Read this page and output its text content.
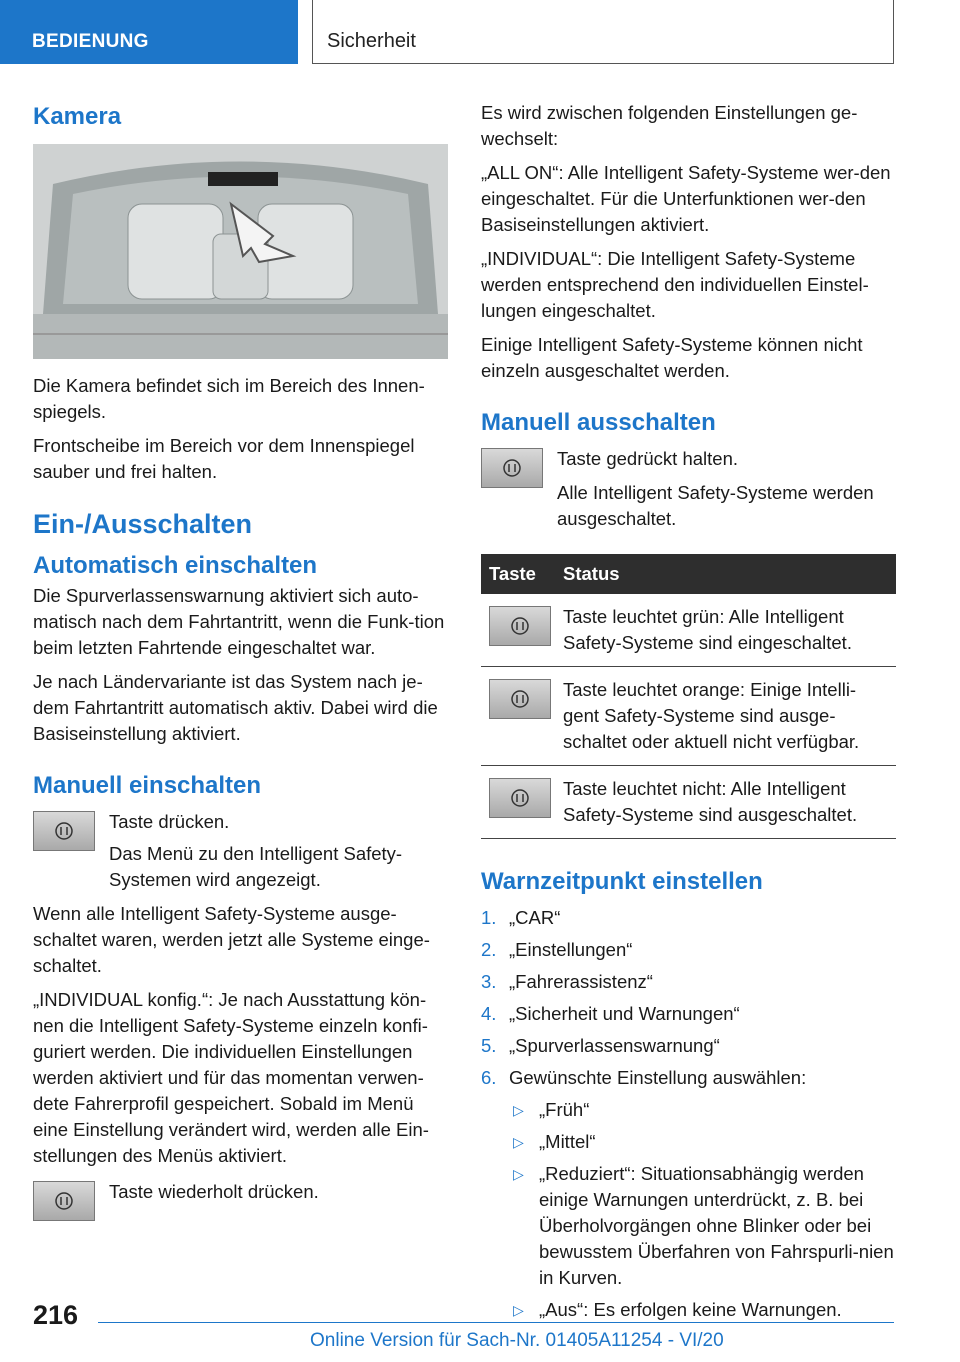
BEDIENUNG	Sicherheit
Kamera

Die Kamera befindet sich im Bereich des Innen-spiegels.

Frontscheibe im Bereich vor dem Innenspiegel sauber und frei halten.

Ein-/Ausschalten
Automatisch einschalten

Die Spurverlassenswarnung aktiviert sich auto-matisch nach dem Fahrtantritt, wenn die Funk-tion beim letzten Fahrtende eingeschaltet war.

Je nach Ländervariante ist das System nach je-dem Fahrtantritt automatisch aktiv. Dabei wird die Basiseinstellung aktiviert.

Manuell einschalten

Taste drücken.

Das Menü zu den Intelligent Safety-Systemen wird angezeigt.

Wenn alle Intelligent Safety-Systeme ausge-schaltet waren, werden jetzt alle Systeme einge-schaltet.

„INDIVIDUAL konfig.“: Je nach Ausstattung kön-nen die Intelligent Safety-Systeme einzeln konfi-guriert werden. Die individuellen Einstellungen werden aktiviert und für das momentan verwen-dete Fahrerprofil gespeichert. Sobald im Menü eine Einstellung verändert wird, werden alle Ein-stellungen des Menüs aktiviert.

Taste wiederholt drücken.

Es wird zwischen folgenden Einstellungen ge-wechselt:

„ALL ON“: Alle Intelligent Safety-Systeme wer-den eingeschaltet. Für die Unterfunktionen wer-den Basiseinstellungen aktiviert.

„INDIVIDUAL“: Die Intelligent Safety-Systeme werden entsprechend den individuellen Einstel-lungen eingeschaltet.

Einige Intelligent Safety-Systeme können nicht einzeln ausgeschaltet werden.

Manuell ausschalten

Taste gedrückt halten.

Alle Intelligent Safety-Systeme werden ausgeschaltet.

Taste	Status

	Taste leuchtet grün: Alle Intelligent Safety-Systeme sind eingeschaltet.

	Taste leuchtet orange: Einige Intelli-gent Safety-Systeme sind ausge-schaltet oder aktuell nicht verfügbar.

	Taste leuchtet nicht: Alle Intelligent Safety-Systeme sind ausgeschaltet.
Warnzeitpunkt einstellen
1. „CAR“
2. „Einstellungen“
3. „Fahrerassistenz“
4. „Sicherheit und Warnungen“
5. „Spurverlassenswarnung“
6. Gewünschte Einstellung auswählen:
▷ „Früh“
▷ „Mittel“
▷ „Reduziert“: Situationsabhängig werden einige Warnungen unterdrückt, z. B. bei Überholvorgängen ohne Blinker oder bei bewusstem Überfahren von Fahrspurli-nien in Kurven.
▷ „Aus“: Es erfolgen keine Warnungen.
216
Online Version für Sach-Nr. 01405A11254 - VI/20
